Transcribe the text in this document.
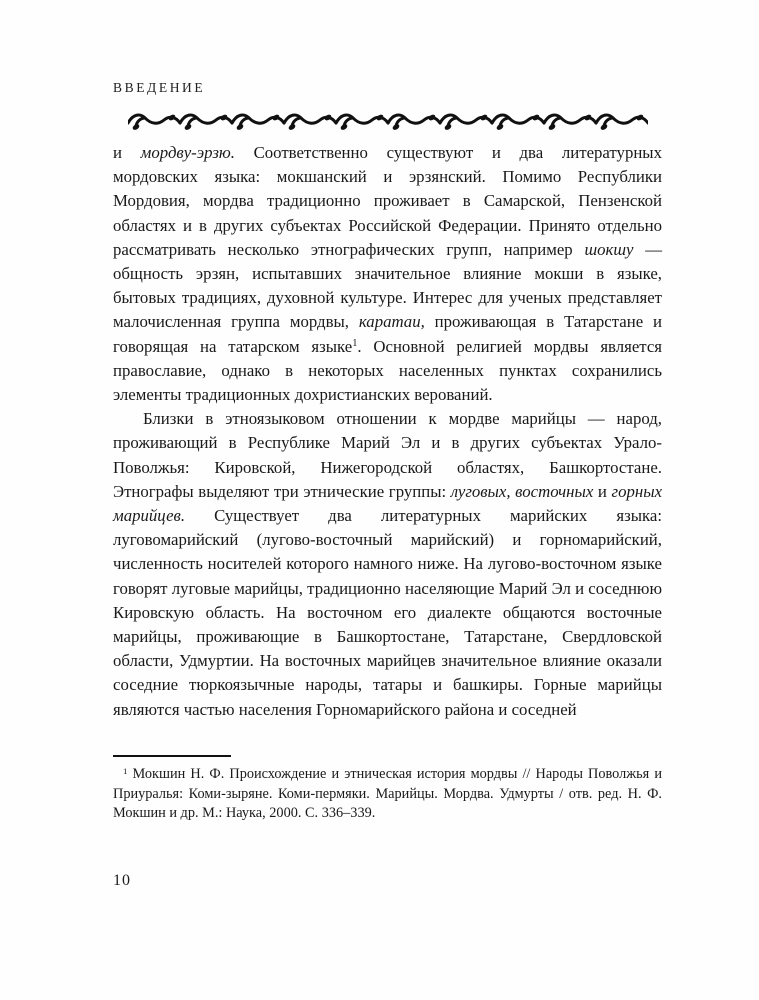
ВВЕДЕНИЕ

и мордву-эрзю. Соответственно существуют и два литературных мордовских языка: мокшанский и эрзянский. Помимо Республики Мордовия, мордва традиционно проживает в Самарской, Пензенской областях и в других субъектах Российской Федерации. Принято отдельно рассматривать несколько этнографических групп, например шокшу — общность эрзян, испытавших значительное влияние мокши в языке, бытовых традициях, духовной культуре. Интерес для ученых представляет малочисленная группа мордвы, каратаи, проживающая в Татарстане и говорящая на татарском языке$^1$. Основной религией мордвы является православие, однако в некоторых населенных пунктах сохранились элементы традиционных дохристианских верований.

Близки в этноязыковом отношении к мордве марийцы — народ, проживающий в Республике Марий Эл и в других субъектах Урало-Поволжья: Кировской, Нижегородской областях, Башкортостане. Этнографы выделяют три этнические группы: луговых, восточных и горных марийцев. Существует два литературных марийских языка: луговомарийский (лугово-восточный марийский) и горномарийский, численность носителей которого намного ниже. На лугово-восточном языке говорят луговые марийцы, традиционно населяющие Марий Эл и соседнюю Кировскую область. На восточном его диалекте общаются восточные марийцы, проживающие в Башкортостане, Татарстане, Свердловской области, Удмуртии. На восточных марийцев значительное влияние оказали соседние тюркоязычные народы, татары и башкиры. Горные марийцы являются частью населения Горномарийского района и соседней

$^1$ Мокшин Н. Ф. Происхождение и этническая история мордвы // Народы Поволжья и Приуралья: Коми-зыряне. Коми-пермяки. Марийцы. Мордва. Удмурты / отв. ред. Н. Ф. Мокшин и др. М.: Наука, 2000. С. 336–339.
10
